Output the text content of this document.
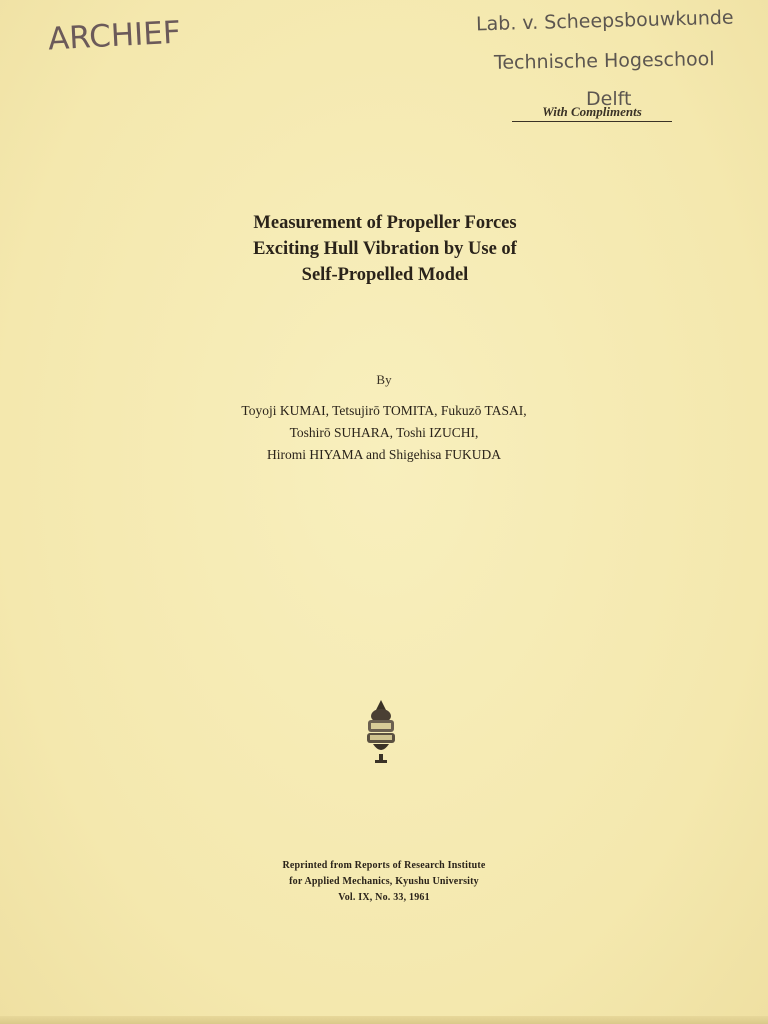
ARCHIEF	Lab. v. Scheepsbouwkunde
Technische Hogeschool
Delft
With Compliments
Measurement of Propeller Forces
Exciting Hull Vibration by Use of
Self-Propelled Model
By
Toyoji KUMAI, Tetsujirō TOMITA, Fukuzō TASAI,
Toshirō SUHARA, Toshi IZUCHI,
Hiromi HIYAMA and Shigehisa FUKUDA
Reprinted from Reports of Research Institute
for Applied Mechanics, Kyushu University
Vol. IX, No. 33, 1961
